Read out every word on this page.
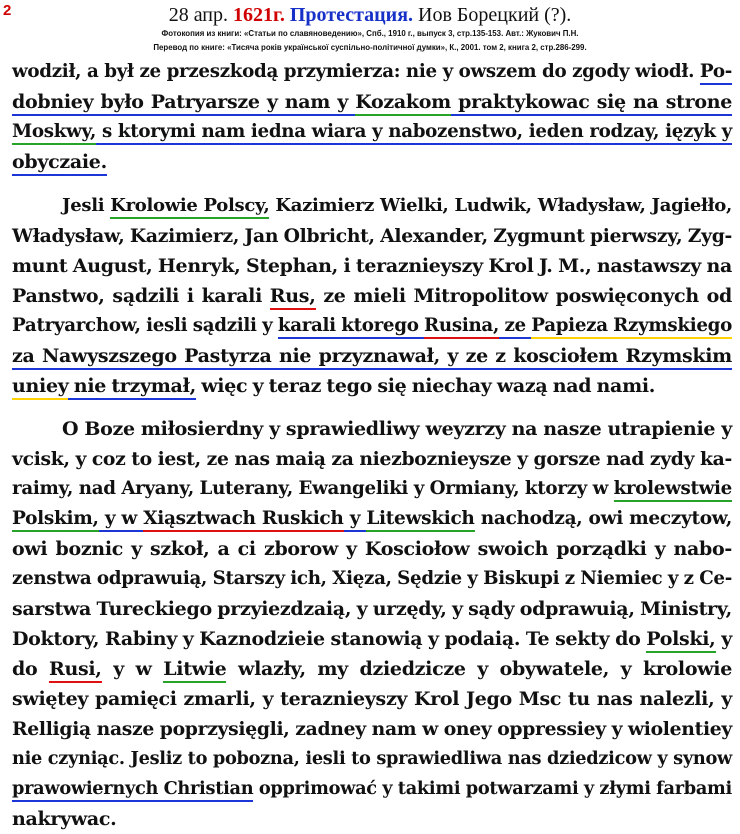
2	28 апр. 1621г. Протестация. Иов Борецкий (?).
Фотокопия из книги: «Статьи по славяноведению», Спб., 1910 г., выпуск 3, стр.135-153. Авт.: Жукович П.Н.
Перевод по книге: «Тисяча років української суспільно-політичної думки», К., 2001. том 2, книга 2, стр.286-299.
wodził, a był ze przeszkodą przymierza: nie y owszem do zgody wiodł. Po-
dobniey było Patryarsze y nam y Kozakom praktykowac się na strone
Moskwy, s ktorymi nam iedna wiara y nabozenstwo, ieden rodzay, ięzyk y
obyczaie.
Jesli Krolowie Polscy, Kazimierz Wielki, Ludwik, Władysław, Jagiełło,
Władysław, Kazimierz, Jan Olbricht, Alexander, Zygmunt pierwszy, Zyg-
munt August, Henryk, Stephan, i teraznieyszy Krol J. M., nastawszy na
Panstwo, sądzili i karali Rus, ze mieli Mitropolitow poswięconych od
Patryarchow, iesli sądzili y karali ktorego Rusina, ze Papieza Rzymskiego
za Nawyszszego Pastyrza nie przyznawał, y ze z kosciołem Rzymskim
uniey nie trzymał, więc y teraz tego się niechay wazą nad nami.
O Boze miłosierdny y sprawiedliwy weyzrzy na nasze utrapienie y
vcisk, y coz to iest, ze nas maią za niezboznieysze y gorsze nad zydy ka-
raimy, nad Aryany, Luterany, Ewangeliki y Ormiany, ktorzy w krolewstwie
Polskim, y w Xiąsztwach Ruskich y Litewskich nachodzą, owi meczytow,
owi boznic y szkoł, a ci zborow y Kosciołow swoich porządki y nabo-
zenstwa odprawuią, Starszy ich, Xięza, Sędzie y Biskupi z Niemiec y z Ce-
sarstwa Tureckiego przyiezdzaią, y urzędy, y sądy odprawuią, Ministry,
Doktory, Rabiny y Kaznodzieie stanowią y podaią. Te sekty do Polski, y
do Rusi, y w Litwie wlazły, my dziedzicze y obywatele, y krolowie
swiętey pamięci zmarli, y teraznieyszy Krol Jego Msc tu nas nalezli, y
Relligią nasze poprzysięgli, zadney nam w oney oppressiey y wiolentiey
nie czyniąc. Jesliz to pobozna, iesli to sprawiedliwa nas dziedzicow y synow
prawowiernych Christian opprimować y takimi potwarzami y złymi farbami
nakrywac.
